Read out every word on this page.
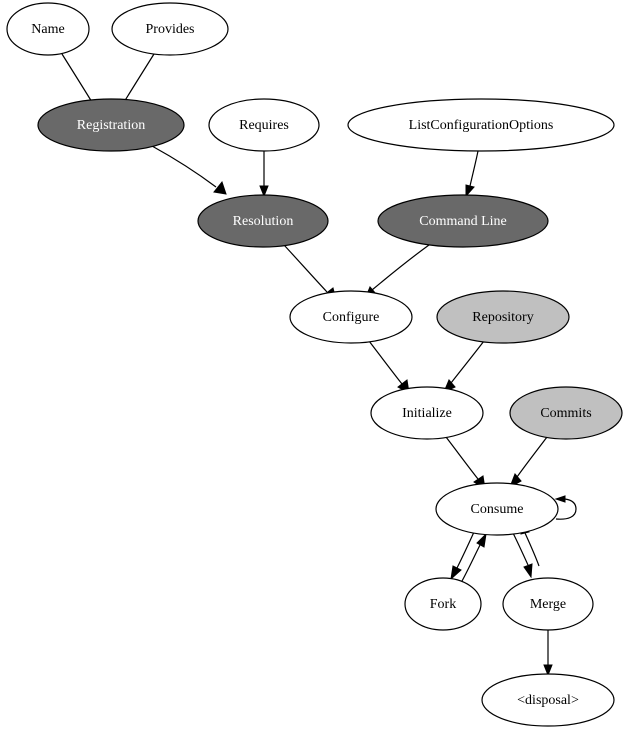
Name	Provides
Registration	Requires	ListConfigurationOptions
Resolution	Command Line
Configure	Repository
Initialize	Commits
Consume
Fork	Merge
<disposal>
